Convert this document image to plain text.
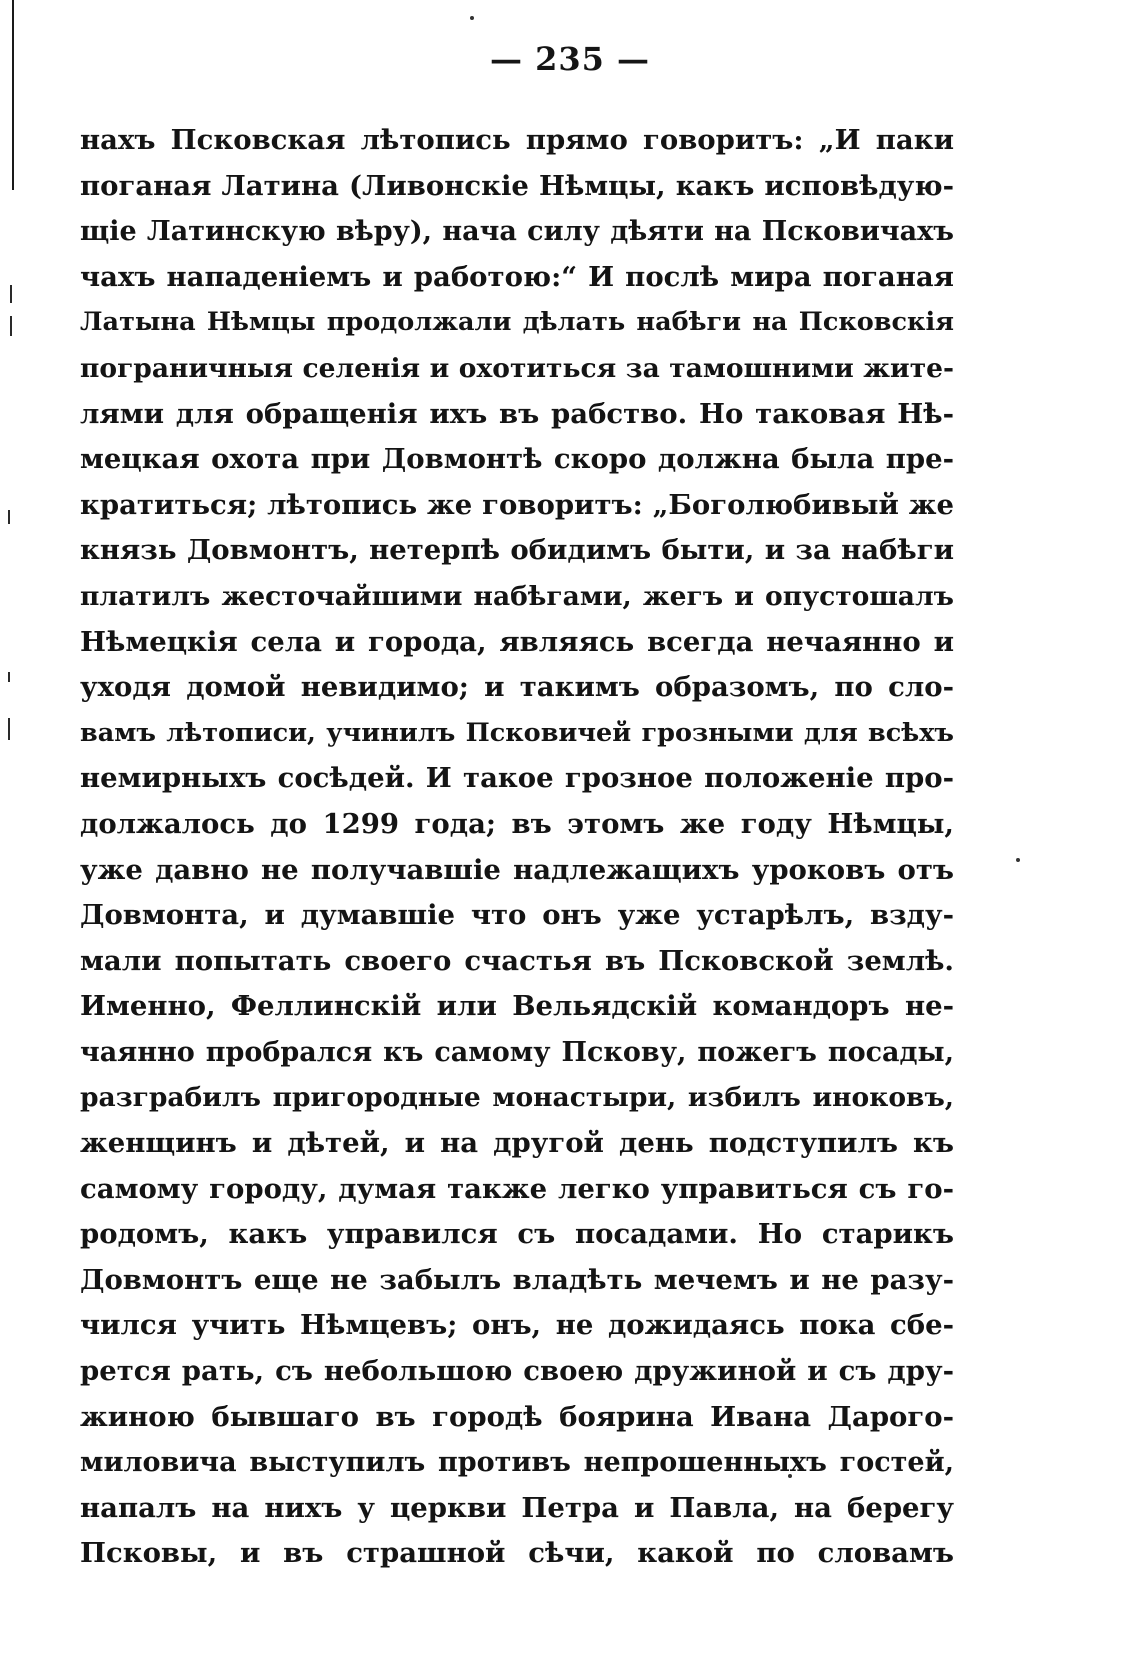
— 235 —
нахъ Псковская лѣтопись прямо говоритъ: „И паки
поганая Латина (Ливонскіе Нѣмцы, какъ исповѣдую-
щіе Латинскую вѣру), нача силу дѣяти на Псковичахъ
чахъ нападеніемъ и работою:“ И послѣ мира поганая
Латына Нѣмцы продолжали дѣлать набѣги на Псковскія
пограничныя селенія и охотиться за тамошними жите-
лями для обращенія ихъ въ рабство. Но таковая Нѣ-
мецкая охота при Довмонтѣ скоро должна была пре-
кратиться; лѣтопись же говоритъ: „Боголюбивый же
князь Довмонтъ, нетерпѣ обидимъ быти, и за набѣги
платилъ жесточайшими набѣгами, жегъ и опустошалъ
Нѣмецкія села и города, являясь всегда нечаянно и
уходя домой невидимо; и такимъ образомъ, по сло-
вамъ лѣтописи, учинилъ Псковичей грозными для всѣхъ
немирныхъ сосѣдей. И такое грозное положеніе про-
должалось до 1299 года; въ этомъ же году Нѣмцы,
уже давно не получавшіе надлежащихъ уроковъ отъ
Довмонта, и думавшіе что онъ уже устарѣлъ, взду-
мали попытать своего счастья въ Псковской землѣ.
Именно, Феллинскій или Вельядскій командоръ не-
чаянно пробрался къ самому Пскову, пожегъ посады,
разграбилъ пригородные монастыри, избилъ иноковъ,
женщинъ и дѣтей, и на другой день подступилъ къ
самому городу, думая также легко управиться съ го-
родомъ, какъ управился съ посадами. Но старикъ
Довмонтъ еще не забылъ владѣть мечемъ и не разу-
чился учить Нѣмцевъ; онъ, не дожидаясь пока сбе-
рется рать, съ небольшою своею дружиной и съ дру-
жиною бывшаго въ городѣ боярина Ивана Дарого-
миловича выступилъ противъ непрошенныхъ гостей,
напалъ на нихъ у церкви Петра и Павла, на берегу
Псковы, и въ страшной сѣчи, какой по словамъ
